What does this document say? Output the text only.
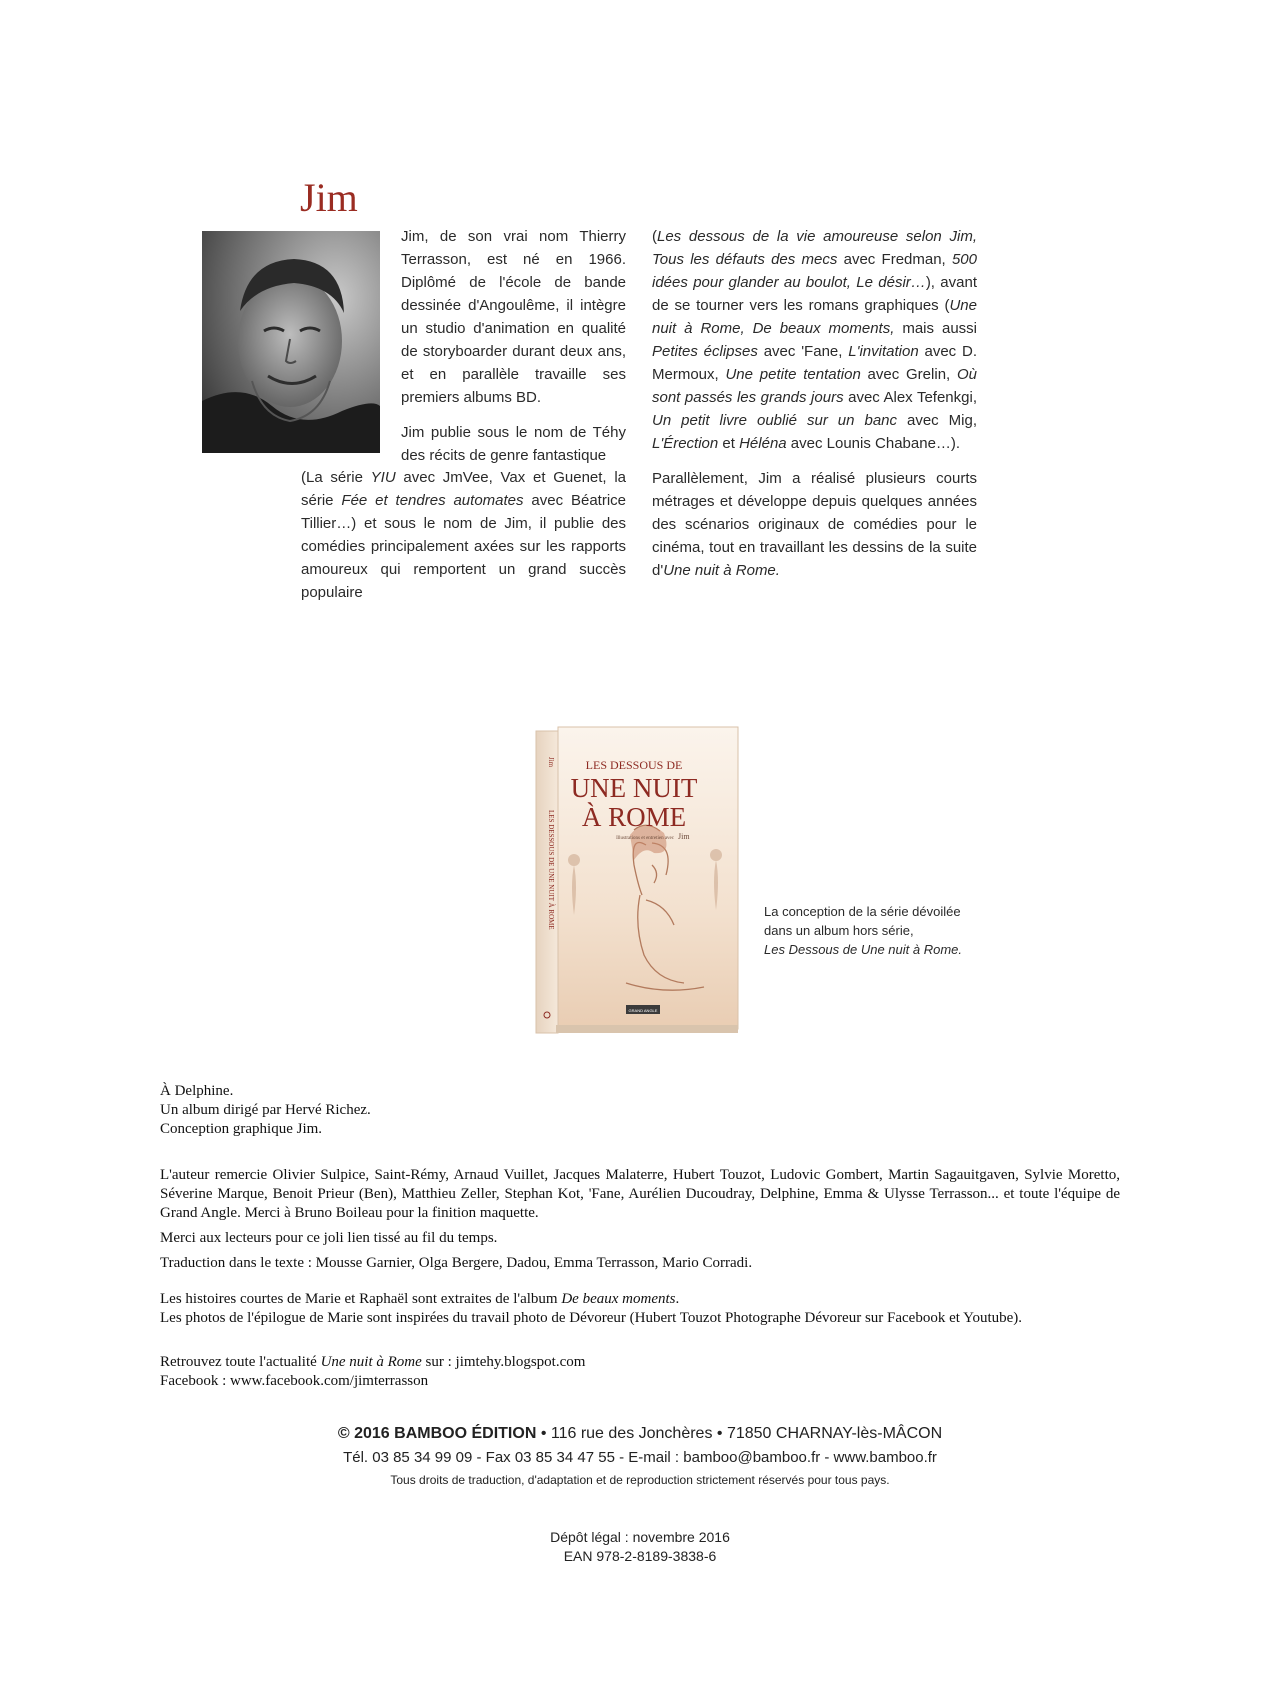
Jim

Jim, de son vrai nom Thierry Terrasson, est né en 1966. Diplômé de l'école de bande dessinée d'Angoulême, il intègre un studio d'animation en qualité de storyboarder durant deux ans, et en parallèle travaille ses premiers albums BD.

Jim publie sous le nom de Téhy des récits de genre fantastique

(La série YIU avec JmVee, Vax et Guenet, la série Fée et tendres automates avec Béatrice Tillier…) et sous le nom de Jim, il publie des comédies principalement axées sur les rapports amoureux qui remportent un grand succès populaire

(Les dessous de la vie amoureuse selon Jim, Tous les défauts des mecs avec Fredman, 500 idées pour glander au boulot, Le désir…), avant de se tourner vers les romans graphiques (Une nuit à Rome, De beaux moments, mais aussi Petites éclipses avec 'Fane, L'invitation avec D. Mermoux, Une petite tentation avec Grelin, Où sont passés les grands jours avec Alex Tefenkgi, Un petit livre oublié sur un banc avec Mig, L'Érection et Héléna avec Lounis Chabane…).

Parallèlement, Jim a réalisé plusieurs courts métrages et développe depuis quelques années des scénarios originaux de comédies pour le cinéma, tout en travaillant les dessins de la suite d'Une nuit à Rome.

LES DESSOUS DE
UNE NUIT
À ROME
Illustrations et entretien avec Jim
Jim
LES DESSOUS DE UNE NUIT À ROME
GRAND ANGLE
La conception de la série dévoilée
dans un album hors série,
Les Dessous de Une nuit à Rome.
À Delphine.
Un album dirigé par Hervé Richez.
Conception graphique Jim.
L'auteur remercie Olivier Sulpice, Saint-Rémy, Arnaud Vuillet, Jacques Malaterre, Hubert Touzot, Ludovic Gombert, Martin Sagauitgaven, Sylvie Moretto, Séverine Marque, Benoit Prieur (Ben), Matthieu Zeller, Stephan Kot, 'Fane, Aurélien Ducoudray, Delphine, Emma & Ulysse Terrasson... et toute l'équipe de Grand Angle. Merci à Bruno Boileau pour la finition maquette.
Merci aux lecteurs pour ce joli lien tissé au fil du temps.
Traduction dans le texte : Mousse Garnier, Olga Bergere, Dadou, Emma Terrasson, Mario Corradi.
Les histoires courtes de Marie et Raphaël sont extraites de l'album De beaux moments.
Les photos de l'épilogue de Marie sont inspirées du travail photo de Dévoreur (Hubert Touzot Photographe Dévoreur sur Facebook et Youtube).
Retrouvez toute l'actualité Une nuit à Rome sur : jimtehy.blogspot.com
Facebook : www.facebook.com/jimterrasson
© 2016 BAMBOO ÉDITION • 116 rue des Jonchères • 71850 CHARNAY-lès-MÂCON
Tél. 03 85 34 99 09 - Fax 03 85 34 47 55 - E-mail : bamboo@bamboo.fr - www.bamboo.fr
Tous droits de traduction, d'adaptation et de reproduction strictement réservés pour tous pays.
Dépôt légal : novembre 2016
EAN 978-2-8189-3838-6
